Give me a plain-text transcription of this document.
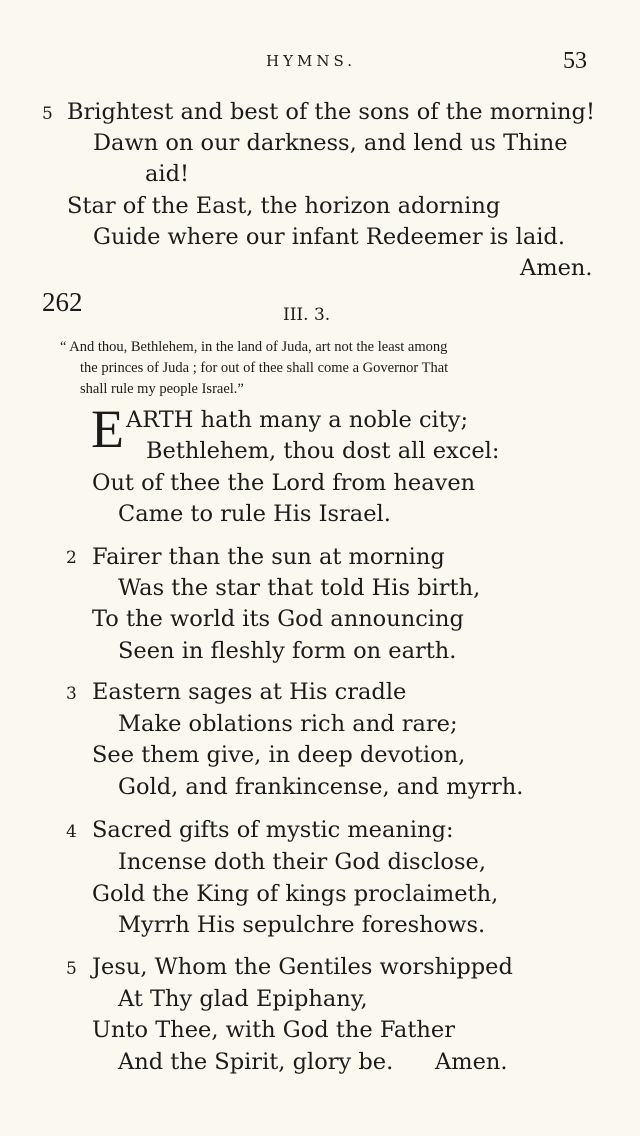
HYMNS.	53
5 Brightest and best of the sons of the morning!
Dawn on our darkness, and lend us Thine
aid!
Star of the East, the horizon adorning
Guide where our infant Redeemer is laid.
Amen.
262	III. 3.
“ And thou, Bethlehem, in the land of Juda, art not the least among
the princes of Juda ; for out of thee shall come a Governor That
shall rule my people Israel.”
E ARTH hath many a noble city;
Bethlehem, thou dost all excel:
Out of thee the Lord from heaven
Came to rule His Israel.
2 Fairer than the sun at morning
Was the star that told His birth,
To the world its God announcing
Seen in fleshly form on earth.
3 Eastern sages at His cradle
Make oblations rich and rare;
See them give, in deep devotion,
Gold, and frankincense, and myrrh.
4 Sacred gifts of mystic meaning:
Incense doth their God disclose,
Gold the King of kings proclaimeth,
Myrrh His sepulchre foreshows.
5 Jesu, Whom the Gentiles worshipped
At Thy glad Epiphany,
Unto Thee, with God the Father
And the Spirit, glory be. Amen.
